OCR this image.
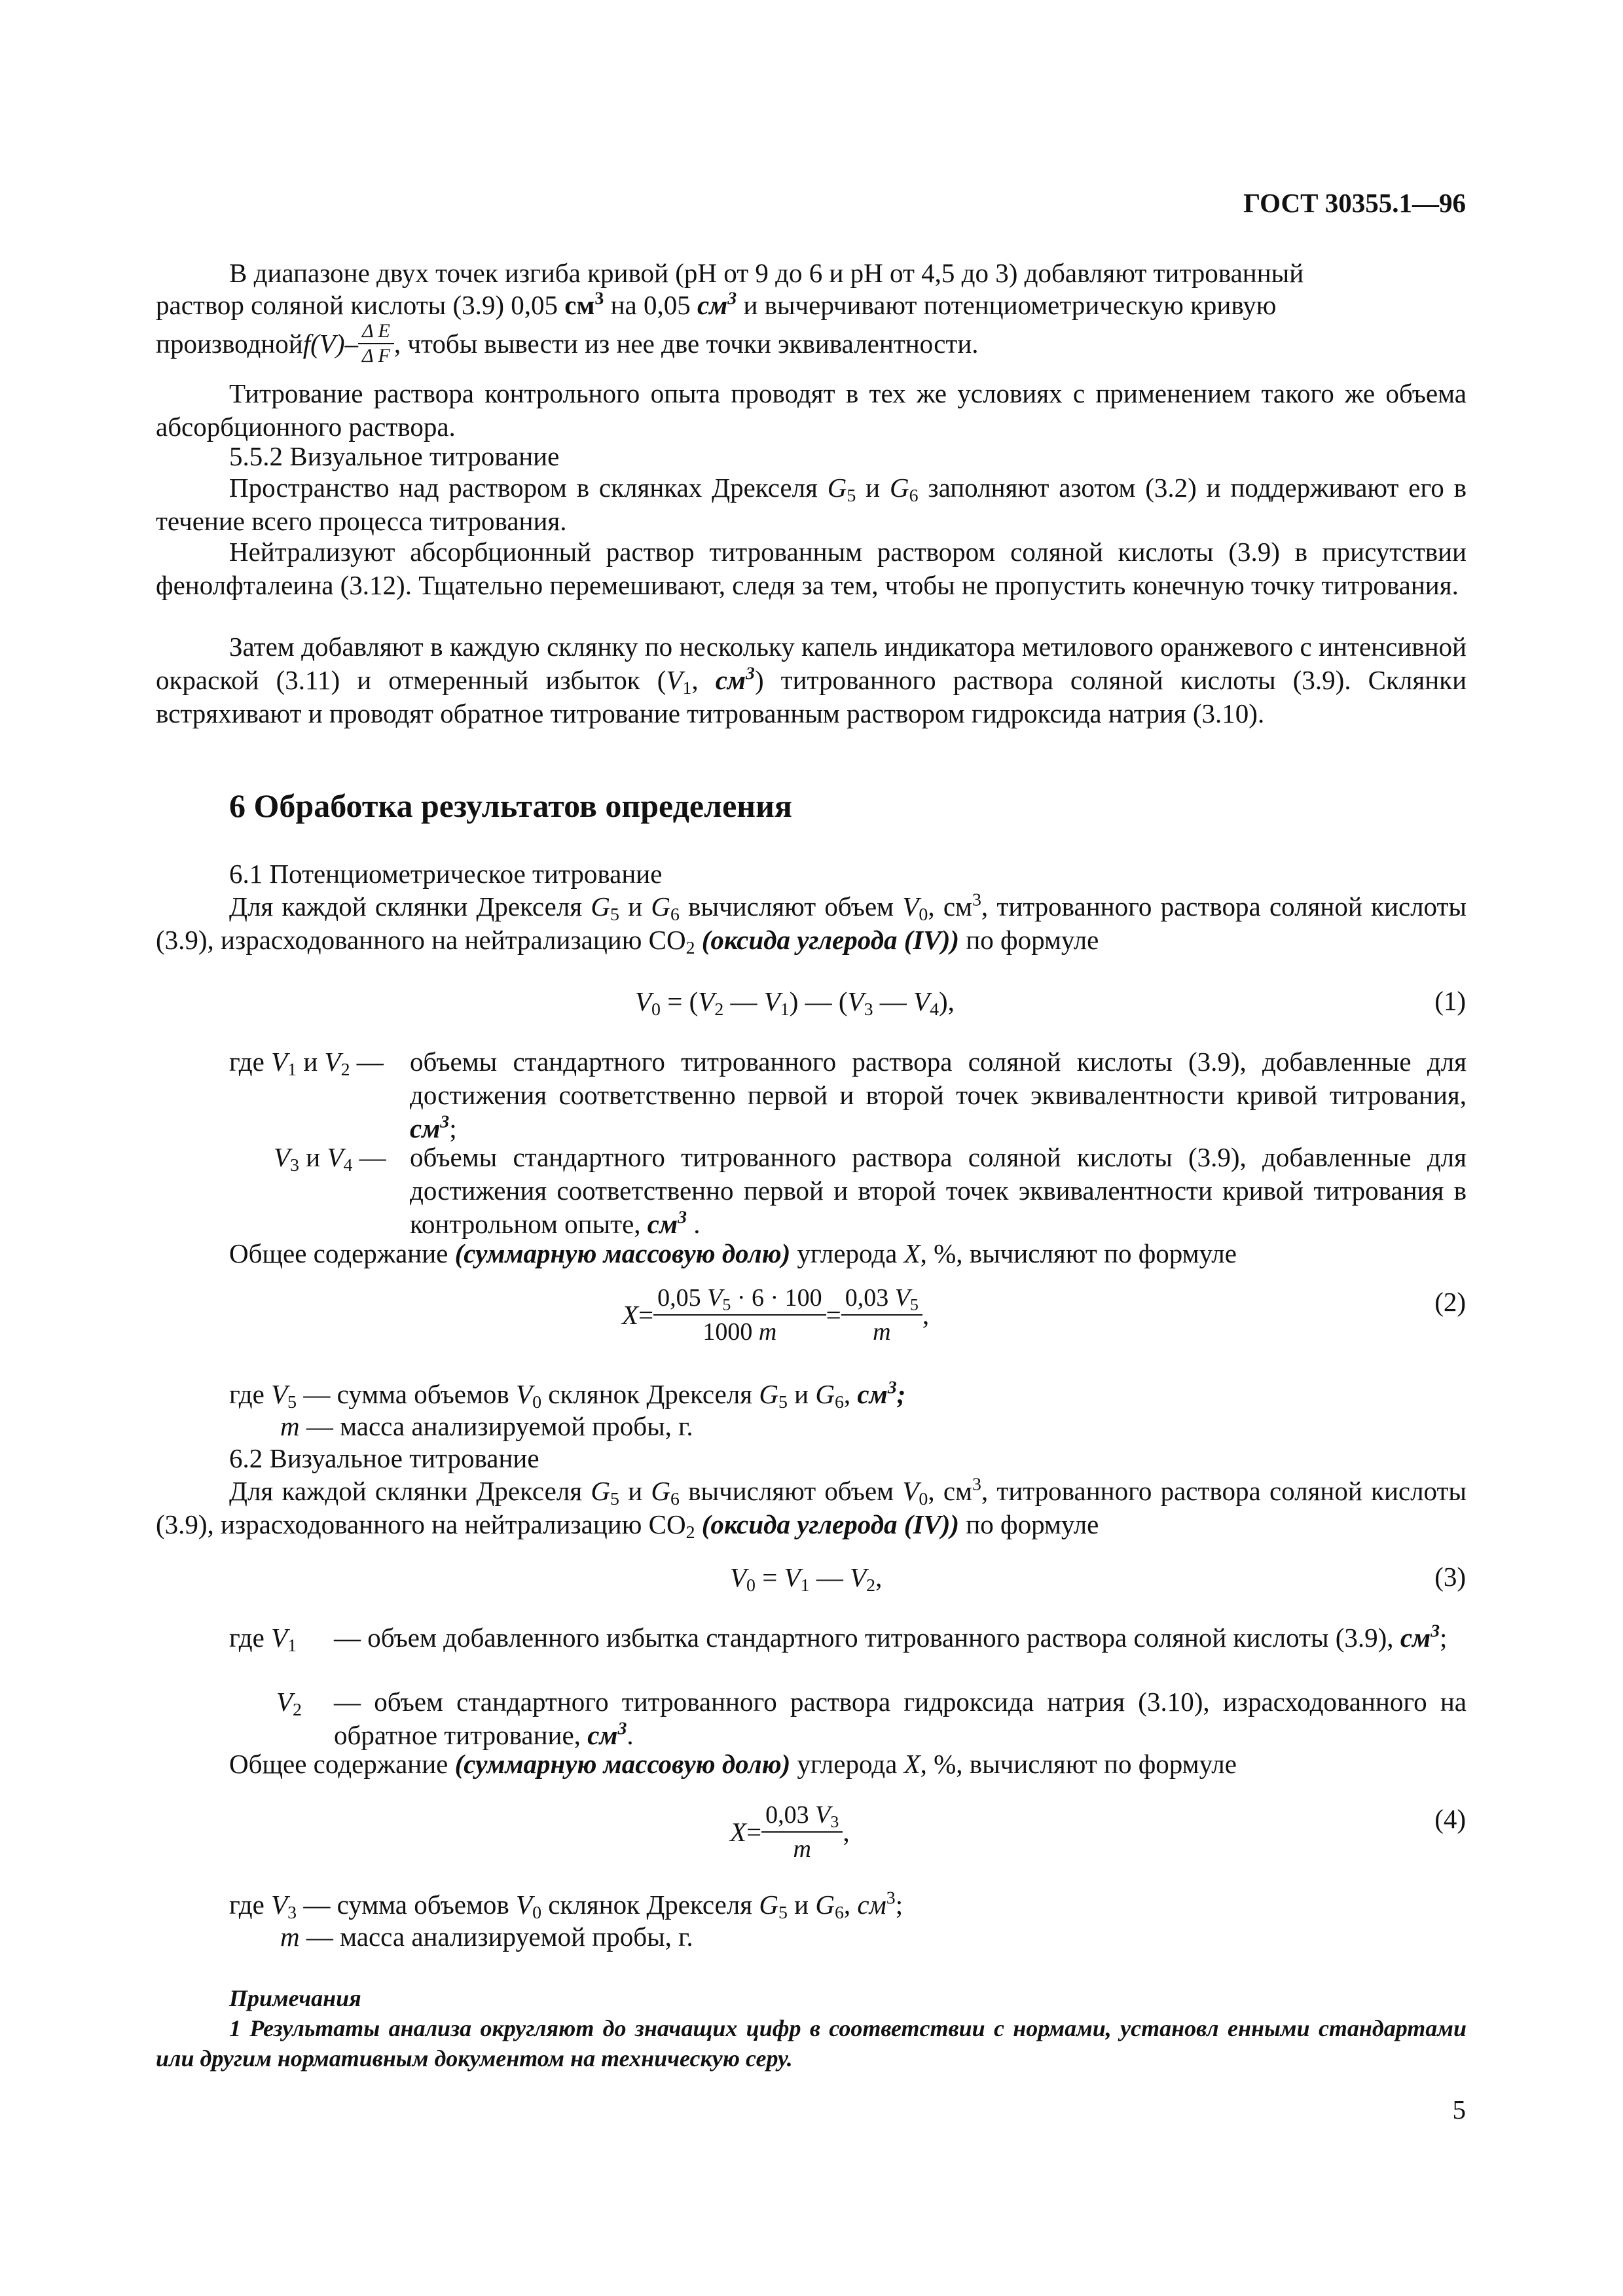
ГОСТ 30355.1—96
В диапазоне двух точек изгиба кривой (pH от 9 до 6 и pH от 4,5 до 3) добавляют титрованный
раствор соляной кислоты (3.9) 0,05 $см^3$ на 0,05 $см^3$ и вычерчивают потенциометрическую кривую
производной $f(V) - \frac{\text{Δ E}}{\text{Δ F}}$ , чтобы вывести из нее две точки эквивалентности.
Титрование раствора контрольного опыта проводят в тех же условиях с применением такого же объема абсорбционного раствора.
5.5.2 Визуальное титрование
Пространство над раствором в склянках Дрекселя $G_5$ и $G_6$ заполняют азотом (3.2) и поддерживают его в течение всего процесса титрования.
Нейтрализуют абсорбционный раствор титрованным раствором соляной кислоты (3.9) в присутствии фенолфталеина (3.12). Тщательно перемешивают, следя за тем, чтобы не пропустить конечную точку титрования.
Затем добавляют в каждую склянку по нескольку капель индикатора метилового оранжевого с интенсивной окраской (3.11) и отмеренный избыток ($V_1$, $см^3$) титрованного раствора соляной кислоты (3.9). Склянки встряхивают и проводят обратное титрование титрованным раствором гидроксида натрия (3.10).
6 Обработка результатов определения
6.1 Потенциометрическое титрование
Для каждой склянки Дрекселя $G_5$ и $G_6$ вычисляют объем $V_0$, $см^3$, титрованного раствора соляной кислоты (3.9), израсходованного на нейтрализацию $СО_2$ (оксида углерода (IV)) по формуле
$V_0 = (V_2$ — $V_1$) — ($V_3$ — $V_4$),	(1)
где $V_1$ и $V_2$ — объемы стандартного титрованного раствора соляной кислоты (3.9), добавленные для достижения соответственно первой и второй точек эквивалентности кривой титрования, $см^3$;
$V_3$ и $V_4$ — объемы стандартного титрованного раствора соляной кислоты (3.9), добавленные для достижения соответственно первой и второй точек эквивалентности кривой титрования в контрольном опыте, $см^3$ .
Общее содержание (суммарную массовую долю) углерода X, %, вычисляют по формуле
$X = \frac{0,05 V_5 \cdot 6 \cdot 100}{1000 m} = \frac{0,03 V_5}{m}$ ,	(2)
где $V_5$ — сумма объемов $V_0$ склянок Дрекселя $G_5$ и $G_6$, $см^3$;
m — масса анализируемой пробы, г.
6.2 Визуальное титрование
Для каждой склянки Дрекселя $G_5$ и $G_6$ вычисляют объем $V_0$, $см^3$, титрованного раствора соляной кислоты (3.9), израсходованного на нейтрализацию $СО_2$ (оксида углерода (IV)) по формуле
$V_0 = V_1$ — $V_2$,	(3)
где $V_1$ — объем добавленного избытка стандартного титрованного раствора соляной кислоты (3.9), $см^3$;
$V_2$ — объем стандартного титрованного раствора гидроксида натрия (3.10), израсходованного на обратное титрование, $см^3$.
Общее содержание (суммарную массовую долю) углерода X, %, вычисляют по формуле
$X = \frac{0,03 V_3}{m}$ ,	(4)
где $V_3$ — сумма объемов $V_0$ склянок Дрекселя $G_5$ и $G_6$, $см^3$;
m — масса анализируемой пробы, г.
Примечания
1 Результаты анализа округляют до значащих цифр в соответствии с нормами, установл енными стандартами или другим нормативным документом на техническую серу.
5
